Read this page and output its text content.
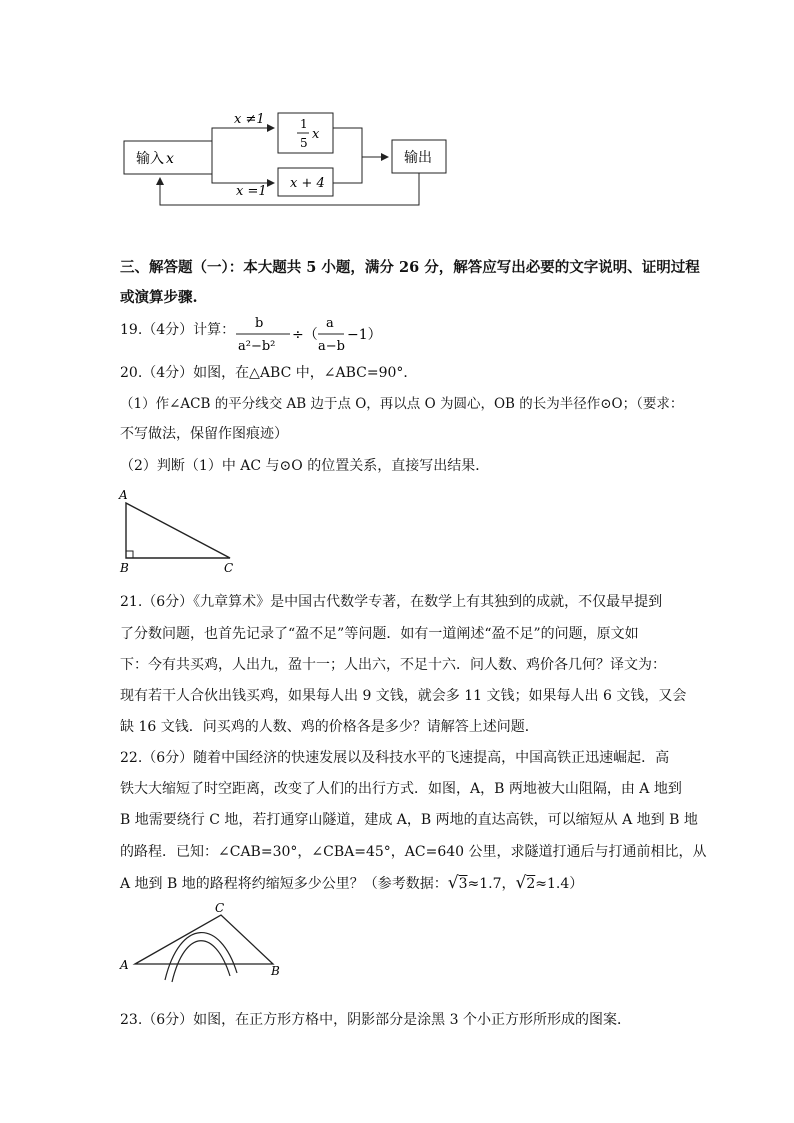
输入 x
x ≠1
x =1
1
5
x
x + 4
输出
三、解答题（一）：本大题共 5 小题，满分 26 分，解答应写出必要的文字说明、证明过程
或演算步骤.
19.（4分）计算： b
a²−b²
÷（
a
a−b
−1）
20.（4分）如图，在△ABC 中，∠ABC=90°．
（1）作∠ACB 的平分线交 AB 边于点 O，再以点 O 为圆心，OB 的长为半径作⊙O；（要求：
不写做法，保留作图痕迹）
（2）判断（1）中 AC 与⊙O 的位置关系，直接写出结果．
A
B	C
21.（6分）《九章算术》是中国古代数学专著，在数学上有其独到的成就，不仅最早提到
了分数问题，也首先记录了“盈不足”等问题．如有一道阐述“盈不足”的问题，原文如
下：今有共买鸡，人出九，盈十一；人出六，不足十六．问人数、鸡价各几何？译文为：
现有若干人合伙出钱买鸡，如果每人出 9 文钱，就会多 11 文钱；如果每人出 6 文钱，又会
缺 16 文钱．问买鸡的人数、鸡的价格各是多少？请解答上述问题．
22.（6分）随着中国经济的快速发展以及科技水平的飞速提高，中国高铁正迅速崛起．高
铁大大缩短了时空距离，改变了人们的出行方式．如图，A，B 两地被大山阻隔，由 A 地到
B 地需要绕行 C 地，若打通穿山隧道，建成 A，B 两地的直达高铁，可以缩短从 A 地到 B 地
的路程．已知：∠CAB=30°，∠CBA=45°，AC=640 公里，求隧道打通后与打通前相比，从
A 地到 B 地的路程将约缩短多少公里？（参考数据：√3≈1.7，√2≈1.4）
C
A	B
23.（6分）如图，在正方形方格中，阴影部分是涂黑 3 个小正方形所形成的图案．
